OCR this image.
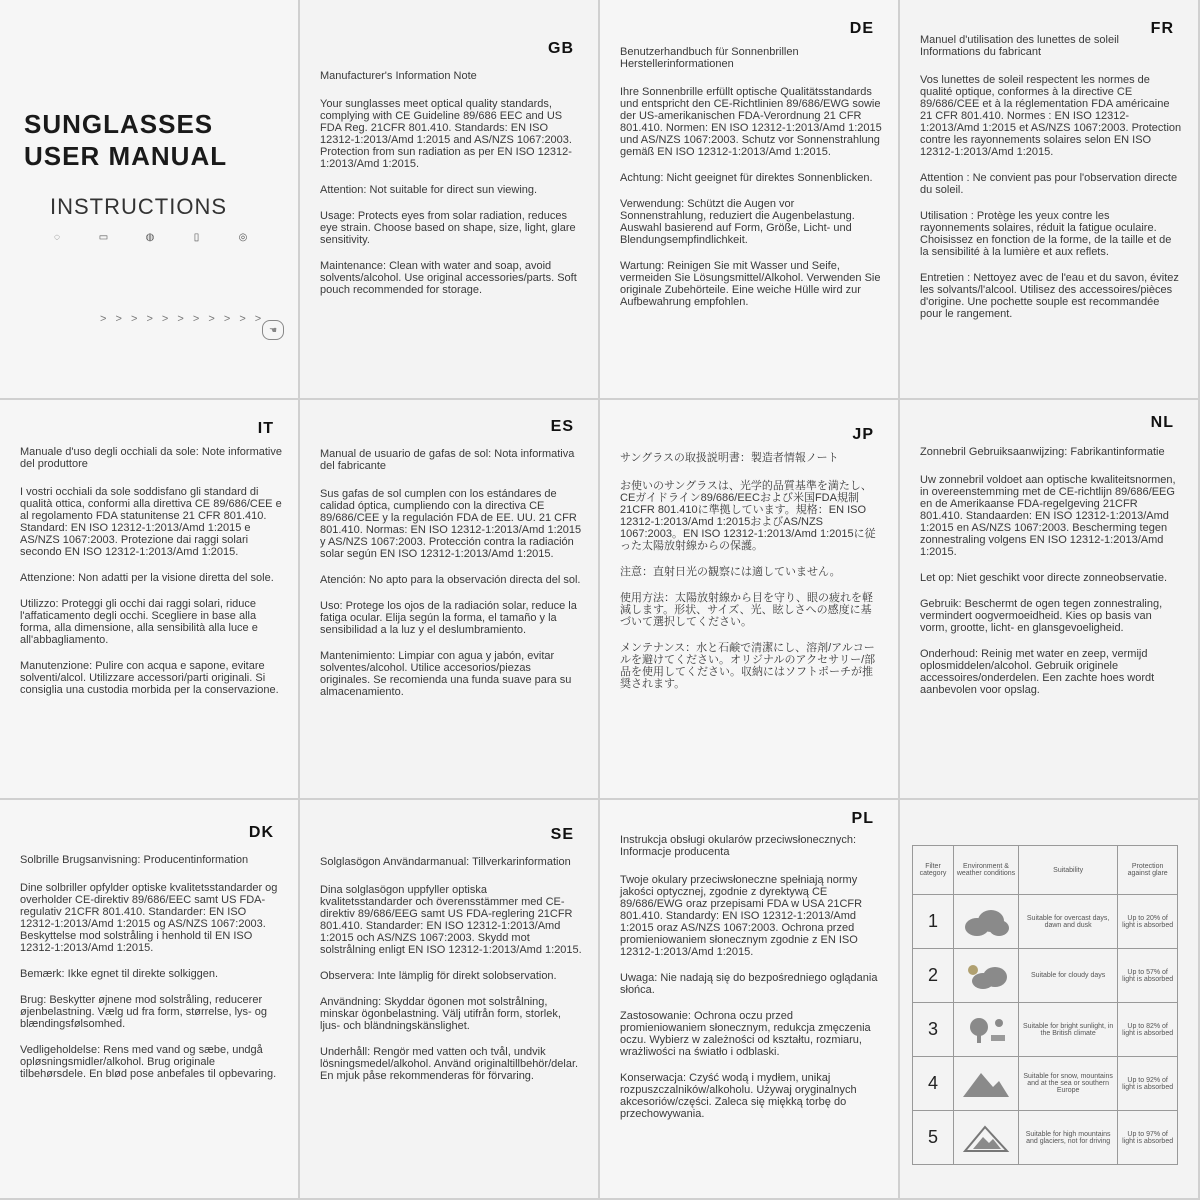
SUNGLASSES
USER MANUAL
INSTRUCTIONS
◌	▭	◍	▯	◎
> > > > > > > > > > >
☚
GB
Manufacturer's Information Note
Your sunglasses meet optical quality standards, complying with CE Guideline 89/686 EEC and US FDA Reg. 21CFR 801.410. Standards: EN ISO 12312-1:2013/Amd 1:2015 and AS/NZS 1067:2003. Protection from sun radiation as per EN ISO 12312-1:2013/Amd 1:2015.
Attention: Not suitable for direct sun viewing.
Usage: Protects eyes from solar radiation, reduces eye strain. Choose based on shape, size, light, glare sensitivity.
Maintenance: Clean with water and soap, avoid solvents/alcohol. Use original accessories/parts. Soft pouch recommended for storage.
DE
Benutzerhandbuch für Sonnenbrillen Herstellerinformationen
Ihre Sonnenbrille erfüllt optische Qualitätsstandards und entspricht den CE-Richtlinien 89/686/EWG sowie der US-amerikanischen FDA-Verordnung 21 CFR 801.410. Normen: EN ISO 12312-1:2013/Amd 1:2015 und AS/NZS 1067:2003. Schutz vor Sonnenstrahlung gemäß EN ISO 12312-1:2013/Amd 1:2015.
Achtung: Nicht geeignet für direktes Sonnenblicken.
Verwendung: Schützt die Augen vor Sonnenstrahlung, reduziert die Augenbelastung. Auswahl basierend auf Form, Größe, Licht- und Blendungsempfindlichkeit.
Wartung: Reinigen Sie mit Wasser und Seife, vermeiden Sie Lösungsmittel/Alkohol. Verwenden Sie originale Zubehörteile. Eine weiche Hülle wird zur Aufbewahrung empfohlen.
FR
Manuel d'utilisation des lunettes de soleil Informations du fabricant
Vos lunettes de soleil respectent les normes de qualité optique, conformes à la directive CE 89/686/CEE et à la réglementation FDA américaine 21 CFR 801.410. Normes : EN ISO 12312-1:2013/Amd 1:2015 et AS/NZS 1067:2003. Protection contre les rayonnements solaires selon EN ISO 12312-1:2013/Amd 1:2015.
Attention : Ne convient pas pour l'observation directe du soleil.
Utilisation : Protège les yeux contre les rayonnements solaires, réduit la fatigue oculaire. Choisissez en fonction de la forme, de la taille et de la sensibilité à la lumière et aux reflets.
Entretien : Nettoyez avec de l'eau et du savon, évitez les solvants/l'alcool. Utilisez des accessoires/pièces d'origine. Une pochette souple est recommandée pour le rangement.
IT
Manuale d'uso degli occhiali da sole: Note informative del produttore
I vostri occhiali da sole soddisfano gli standard di qualità ottica, conformi alla direttiva CE 89/686/CEE e al regolamento FDA statunitense 21 CFR 801.410. Standard: EN ISO 12312-1:2013/Amd 1:2015 e AS/NZS 1067:2003. Protezione dai raggi solari secondo EN ISO 12312-1:2013/Amd 1:2015.
Attenzione: Non adatti per la visione diretta del sole.
Utilizzo: Proteggi gli occhi dai raggi solari, riduce l'affaticamento degli occhi. Scegliere in base alla forma, alla dimensione, alla sensibilità alla luce e all'abbagliamento.
Manutenzione: Pulire con acqua e sapone, evitare solventi/alcol. Utilizzare accessori/parti originali. Si consiglia una custodia morbida per la conservazione.
ES
Manual de usuario de gafas de sol: Nota informativa del fabricante
Sus gafas de sol cumplen con los estándares de calidad óptica, cumpliendo con la directiva CE 89/686/CEE y la regulación FDA de EE. UU. 21 CFR 801.410. Normas: EN ISO 12312-1:2013/Amd 1:2015 y AS/NZS 1067:2003. Protección contra la radiación solar según EN ISO 12312-1:2013/Amd 1:2015.
Atención: No apto para la observación directa del sol.
Uso: Protege los ojos de la radiación solar, reduce la fatiga ocular. Elija según la forma, el tamaño y la sensibilidad a la luz y el deslumbramiento.
Mantenimiento: Limpiar con agua y jabón, evitar solventes/alcohol. Utilice accesorios/piezas originales. Se recomienda una funda suave para su almacenamiento.
JP
サングラスの取扱説明書：製造者情報ノート
お使いのサングラスは、光学的品質基準を満たし、CEガイドライン89/686/EECおよび米国FDA規制21CFR 801.410に準拠しています。規格：EN ISO 12312-1:2013/Amd 1:2015およびAS/NZS 1067:2003。EN ISO 12312-1:2013/Amd 1:2015に従った太陽放射線からの保護。
注意：直射日光の観察には適していません。
使用方法：太陽放射線から目を守り、眼の疲れを軽減します。形状、サイズ、光、眩しさへの感度に基づいて選択してください。
メンテナンス：水と石鹸で清潔にし、溶剤/アルコールを避けてください。オリジナルのアクセサリー/部品を使用してください。収納にはソフトポーチが推奨されます。
NL
Zonnebril Gebruiksaanwijzing: Fabrikantinformatie
Uw zonnebril voldoet aan optische kwaliteitsnormen, in overeenstemming met de CE-richtlijn 89/686/EEG en de Amerikaanse FDA-regelgeving 21CFR 801.410. Standaarden: EN ISO 12312-1:2013/Amd 1:2015 en AS/NZS 1067:2003. Bescherming tegen zonnestraling volgens EN ISO 12312-1:2013/Amd 1:2015.
Let op: Niet geschikt voor directe zonneobservatie.
Gebruik: Beschermt de ogen tegen zonnestraling, vermindert oogvermoeidheid. Kies op basis van vorm, grootte, licht- en glansgevoeligheid.
Onderhoud: Reinig met water en zeep, vermijd oplosmiddelen/alcohol. Gebruik originele accessoires/onderdelen. Een zachte hoes wordt aanbevolen voor opslag.
DK
Solbrille Brugsanvisning: Producentinformation
Dine solbriller opfylder optiske kvalitetsstandarder og overholder CE-direktiv 89/686/EEC samt US FDA-regulativ 21CFR 801.410. Standarder: EN ISO 12312-1:2013/Amd 1:2015 og AS/NZS 1067:2003. Beskyttelse mod solstråling i henhold til EN ISO 12312-1:2013/Amd 1:2015.
Bemærk: Ikke egnet til direkte solkiggen.
Brug: Beskytter øjnene mod solstråling, reducerer øjenbelastning. Vælg ud fra form, størrelse, lys- og blændingsfølsomhed.
Vedligeholdelse: Rens med vand og sæbe, undgå opløsningsmidler/alkohol. Brug originale tilbehørsdele. En blød pose anbefales til opbevaring.
SE
Solglasögon Användarmanual: Tillverkarinformation
Dina solglasögon uppfyller optiska kvalitetsstandarder och överensstämmer med CE-direktiv 89/686/EEG samt US FDA-reglering 21CFR 801.410. Standarder: EN ISO 12312-1:2013/Amd 1:2015 och AS/NZS 1067:2003. Skydd mot solstrålning enligt EN ISO 12312-1:2013/Amd 1:2015.
Observera: Inte lämplig för direkt solobservation.
Användning: Skyddar ögonen mot solstrålning, minskar ögonbelastning. Välj utifrån form, storlek, ljus- och bländningskänslighet.
Underhåll: Rengör med vatten och tvål, undvik lösningsmedel/alkohol. Använd originaltillbehör/delar. En mjuk påse rekommenderas för förvaring.
PL
Instrukcja obsługi okularów przeciwsłonecznych: Informacje producenta
Twoje okulary przeciwsłoneczne spełniają normy jakości optycznej, zgodnie z dyrektywą CE 89/686/EWG oraz przepisami FDA w USA 21CFR 801.410. Standardy: EN ISO 12312-1:2013/Amd 1:2015 oraz AS/NZS 1067:2003. Ochrona przed promieniowaniem słonecznym zgodnie z EN ISO 12312-1:2013/Amd 1:2015.
Uwaga: Nie nadają się do bezpośredniego oglądania słońca.
Zastosowanie: Ochrona oczu przed promieniowaniem słonecznym, redukcja zmęczenia oczu. Wybierz w zależności od kształtu, rozmiaru, wrażliwości na światło i odblaski.
Konserwacja: Czyść wodą i mydłem, unikaj rozpuszczalników/alkoholu. Używaj oryginalnych akcesoriów/części. Zaleca się miękką torbę do przechowywania.
Filter category	Environment & weather conditions	Suitability	Protection against glare
1		Suitable for overcast days, dawn and dusk	Up to 20% of light is absorbed
2		Suitable for cloudy days	Up to 57% of light is absorbed
3		Suitable for bright sunlight, in the British climate	Up to 82% of light is absorbed
4		Suitable for snow, mountains and at the sea or southern Europe	Up to 92% of light is absorbed
5		Suitable for high mountains and glaciers, not for driving	Up to 97% of light is absorbed
